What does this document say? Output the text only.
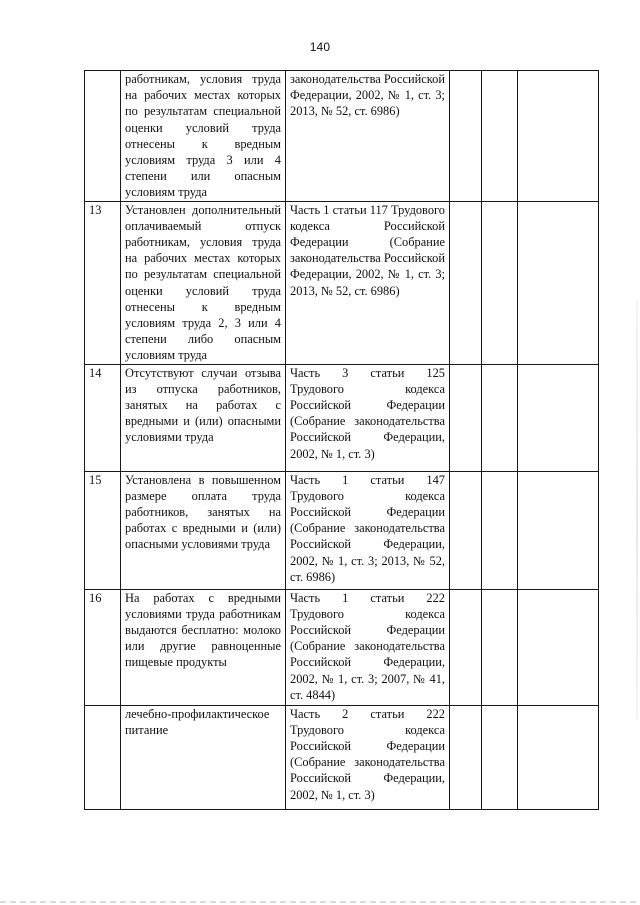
140

	работникам, условия труда на рабочих местах которых по результатам специальной оценки условий труда отнесены к вредным условиям труда 3 или 4 степени или опасным условиям труда	законодательства Российской Федерации, 2002, № 1, ст. 3; 2013, № 52, ст. 6986)			

13	Установлен дополнительный оплачиваемый отпуск работникам, условия труда на рабочих местах которых по результатам специальной оценки условий труда отнесены к вредным условиям труда 2, 3 или 4 степени либо опасным условиям труда	Часть 1 статьи 117 Трудового кодекса Российской Федерации (Собрание законодательства Российской Федерации, 2002, № 1, ст. 3; 2013, № 52, ст. 6986)			

14	Отсутствуют случаи отзыва из отпуска работников, занятых на работах с вредными и (или) опасными условиями труда	Часть 3 статьи 125 Трудового кодекса Российской Федерации (Собрание законодательства Российской Федерации, 2002, № 1, ст. 3)			

15	Установлена в повышенном размере оплата труда работников, занятых на работах с вредными и (или) опасными условиями труда	Часть 1 статьи 147 Трудового кодекса Российской Федерации (Собрание законодательства Российской Федерации, 2002, № 1, ст. 3; 2013, № 52, ст. 6986)			

16	На работах с вредными условиями труда работникам выдаются бесплатно: молоко или другие равноценные пищевые продукты	Часть 1 статьи 222 Трудового кодекса Российской Федерации (Собрание законодательства Российской Федерации, 2002, № 1, ст. 3; 2007, № 41, ст. 4844)			

	лечебно-профилактическое питание	Часть 2 статьи 222 Трудового кодекса Российской Федерации (Собрание законодательства Российской Федерации, 2002, № 1, ст. 3)			
